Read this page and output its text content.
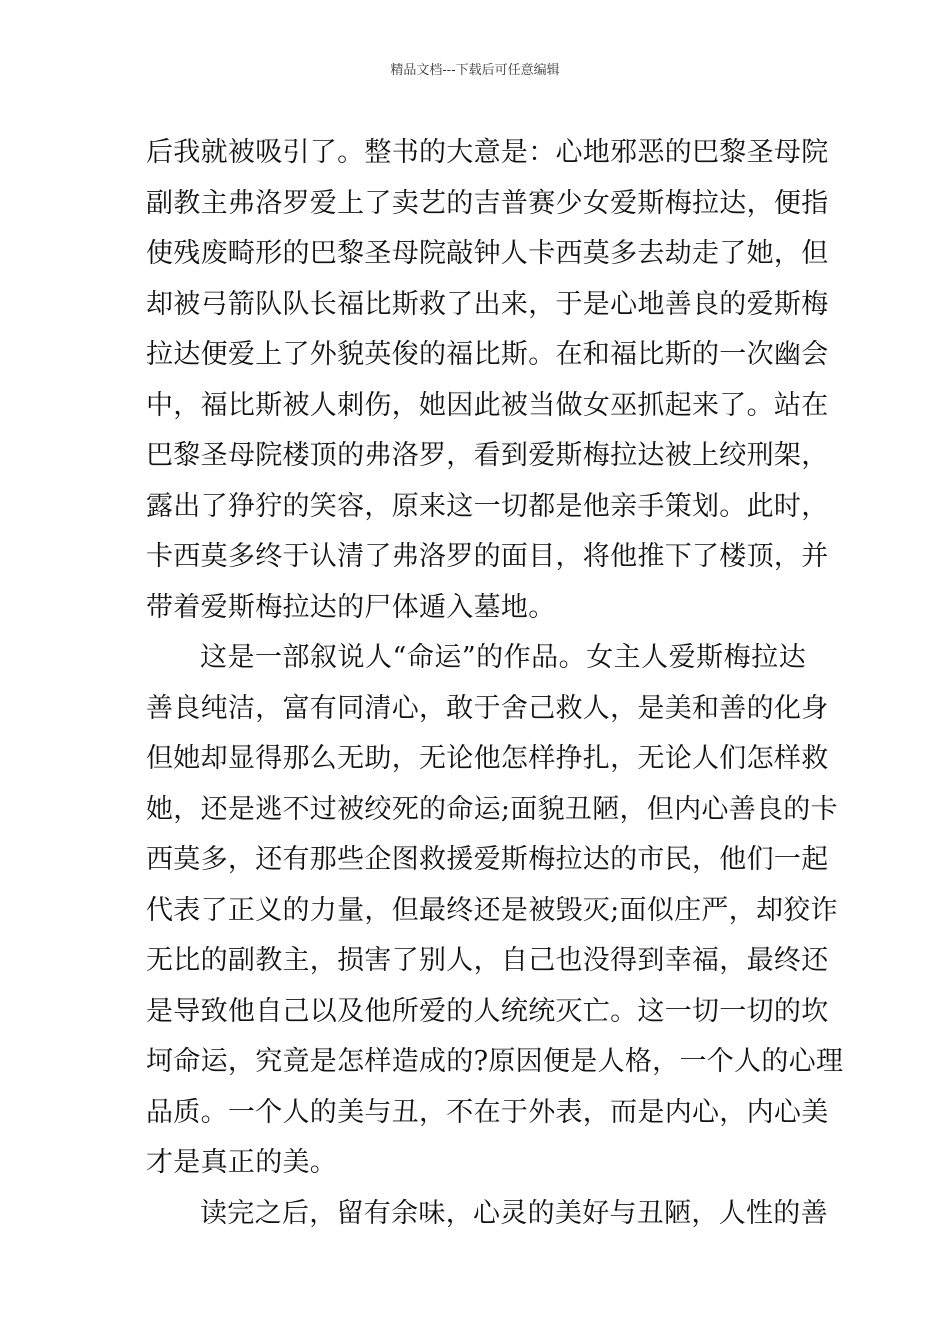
精品文档---下载后可任意编辑
后我就被吸引了。整书的大意是：心地邪恶的巴黎圣母院
副教主弗洛罗爱上了卖艺的吉普赛少女爱斯梅拉达，便指
使残废畸形的巴黎圣母院敲钟人卡西莫多去劫走了她，但
却被弓箭队队长福比斯救了出来，于是心地善良的爱斯梅
拉达便爱上了外貌英俊的福比斯。在和福比斯的一次幽会
中，福比斯被人刺伤，她因此被当做女巫抓起来了。站在
巴黎圣母院楼顶的弗洛罗，看到爱斯梅拉达被上绞刑架，
露出了狰狞的笑容，原来这一切都是他亲手策划。此时，
卡西莫多终于认清了弗洛罗的面目，将他推下了楼顶，并
带着爱斯梅拉达的尸体遁入墓地。
这是一部叙说人“命运”的作品。女主人爱斯梅拉达
善良纯洁，富有同清心，敢于舍己救人，是美和善的化身
但她却显得那么无助，无论他怎样挣扎，无论人们怎样救
她，还是逃不过被绞死的命运;面貌丑陋，但内心善良的卡
西莫多，还有那些企图救援爱斯梅拉达的市民，他们一起
代表了正义的力量，但最终还是被毁灭;面似庄严，却狡诈
无比的副教主，损害了别人，自己也没得到幸福，最终还
是导致他自己以及他所爱的人统统灭亡。这一切一切的坎
坷命运，究竟是怎样造成的?原因便是人格，一个人的心理
品质。一个人的美与丑，不在于外表，而是内心，内心美
才是真正的美。
读完之后，留有余味，心灵的美好与丑陋，人性的善
